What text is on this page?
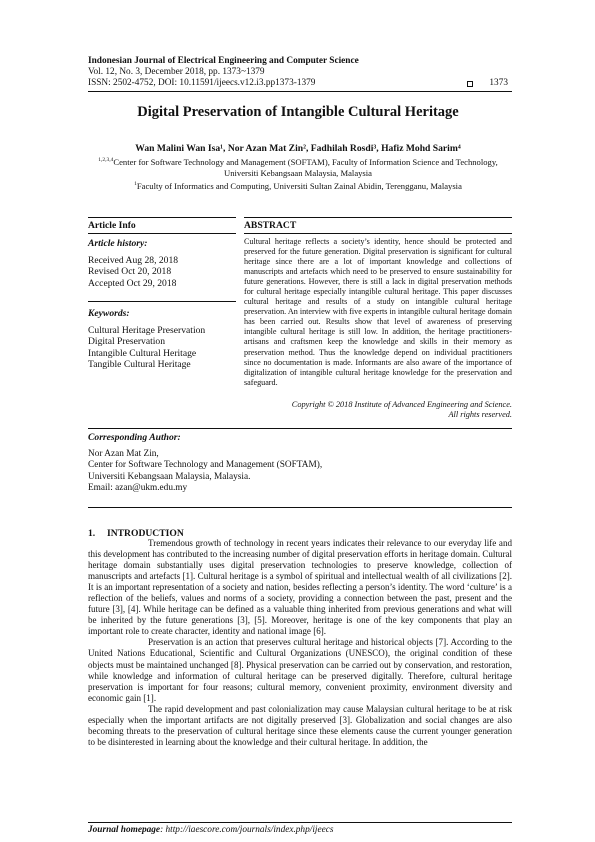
Indonesian Journal of Electrical Engineering and Computer Science
Vol. 12, No. 3, December 2018, pp. 1373~1379
ISSN: 2502-4752, DOI: 10.11591/ijeecs.v12.i3.pp1373-1379	1373
Digital Preservation of Intangible Cultural Heritage
Wan Malini Wan Isa¹, Nor Azan Mat Zin², Fadhilah Rosdi³, Hafiz Mohd Sarim⁴
$^{1,2,3,4}$Center for Software Technology and Management (SOFTAM), Faculty of Information Science and Technology,
Universiti Kebangsaan Malaysia, Malaysia
$^1$Faculty of Informatics and Computing, Universiti Sultan Zainal Abidin, Terengganu, Malaysia
Article Info	ABSTRACT
Article history:
Received Aug 28, 2018
Revised Oct 20, 2018
Accepted Oct 29, 2018
Keywords:
Cultural Heritage Preservation
Digital Preservation
Intangible Cultural Heritage
Tangible Cultural Heritage
Cultural heritage reflects a society’s identity, hence should be protected and preserved for the future generation. Digital preservation is significant for cultural heritage since there are a lot of important knowledge and collections of manuscripts and artefacts which need to be preserved to ensure sustainability for future generations. However, there is still a lack in digital preservation methods for cultural heritage especially intangible cultural heritage. This paper discusses cultural heritage and results of a study on intangible cultural heritage preservation. An interview with five experts in intangible cultural heritage domain has been carried out. Results show that level of awareness of preserving intangible cultural heritage is still low. In addition, the heritage practitioners-artisans and craftsmen keep the knowledge and skills in their memory as preservation method. Thus the knowledge depend on individual practitioners since no documentation is made. Informants are also aware of the importance of digitalization of intangible cultural heritage knowledge for the preservation and safeguard.
Copyright © 2018 Institute of Advanced Engineering and Science.
All rights reserved.
Corresponding Author:
Nor Azan Mat Zin,
Center for Software Technology and Management (SOFTAM),
Universiti Kebangsaan Malaysia, Malaysia.
Email: azan@ukm.edu.my
1. INTRODUCTION

Tremendous growth of technology in recent years indicates their relevance to our everyday life and this development has contributed to the increasing number of digital preservation efforts in heritage domain. Cultural heritage domain substantially uses digital preservation technologies to preserve knowledge, collection of manuscripts and artefacts [1]. Cultural heritage is a symbol of spiritual and intellectual wealth of all civilizations [2]. It is an important representation of a society and nation, besides reflecting a person’s identity. The word ‘culture’ is a reflection of the beliefs, values and norms of a society, providing a connection between the past, present and the future [3], [4]. While heritage can be defined as a valuable thing inherited from previous generations and what will be inherited by the future generations [3], [5]. Moreover, heritage is one of the key components that play an important role to create character, identity and national image [6].

Preservation is an action that preserves cultural heritage and historical objects [7]. According to the United Nations Educational, Scientific and Cultural Organizations (UNESCO), the original condition of these objects must be maintained unchanged [8]. Physical preservation can be carried out by conservation, and restoration, while knowledge and information of cultural heritage can be preserved digitally. Therefore, cultural heritage preservation is important for four reasons; cultural memory, convenient proximity, environment diversity and economic gain [1].

The rapid development and past colonialization may cause Malaysian cultural heritage to be at risk especially when the important artifacts are not digitally preserved [3]. Globalization and social changes are also becoming threats to the preservation of cultural heritage since these elements cause the current younger generation to be disinterested in learning about the knowledge and their cultural heritage. In addition, the

Journal homepage: http://iaescore.com/journals/index.php/ijeecs
